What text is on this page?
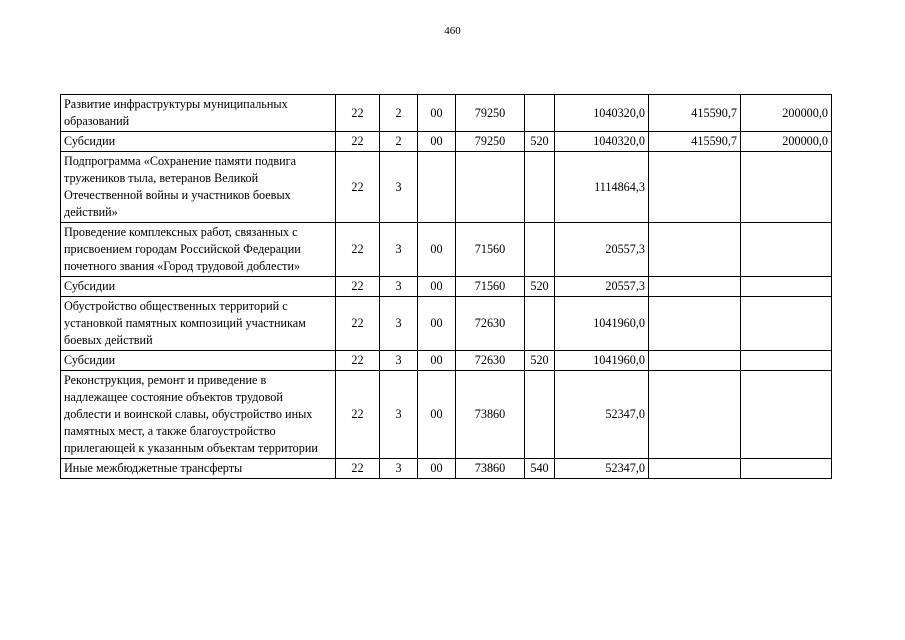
460
Развитие инфраструктуры муниципальных образований	22	2	00	79250		1040320,0	415590,7	200000,0
Субсидии	22	2	00	79250	520	1040320,0	415590,7	200000,0
Подпрограмма «Сохранение памяти подвига тружеников тыла, ветеранов Великой Отечественной войны и участников боевых действий»	22	3				1114864,3		
Проведение комплексных работ, связанных с присвоением городам Российской Федерации почетного звания «Город трудовой доблести»	22	3	00	71560		20557,3		
Субсидии	22	3	00	71560	520	20557,3		
Обустройство общественных территорий с установкой памятных композиций участникам боевых действий	22	3	00	72630		1041960,0		
Субсидии	22	3	00	72630	520	1041960,0		
Реконструкция, ремонт и приведение в надлежащее состояние объектов трудовой доблести и воинской славы, обустройство иных памятных мест, а также благоустройство прилегающей к указанным объектам территории	22	3	00	73860		52347,0		
Иные межбюджетные трансферты	22	3	00	73860	540	52347,0		
